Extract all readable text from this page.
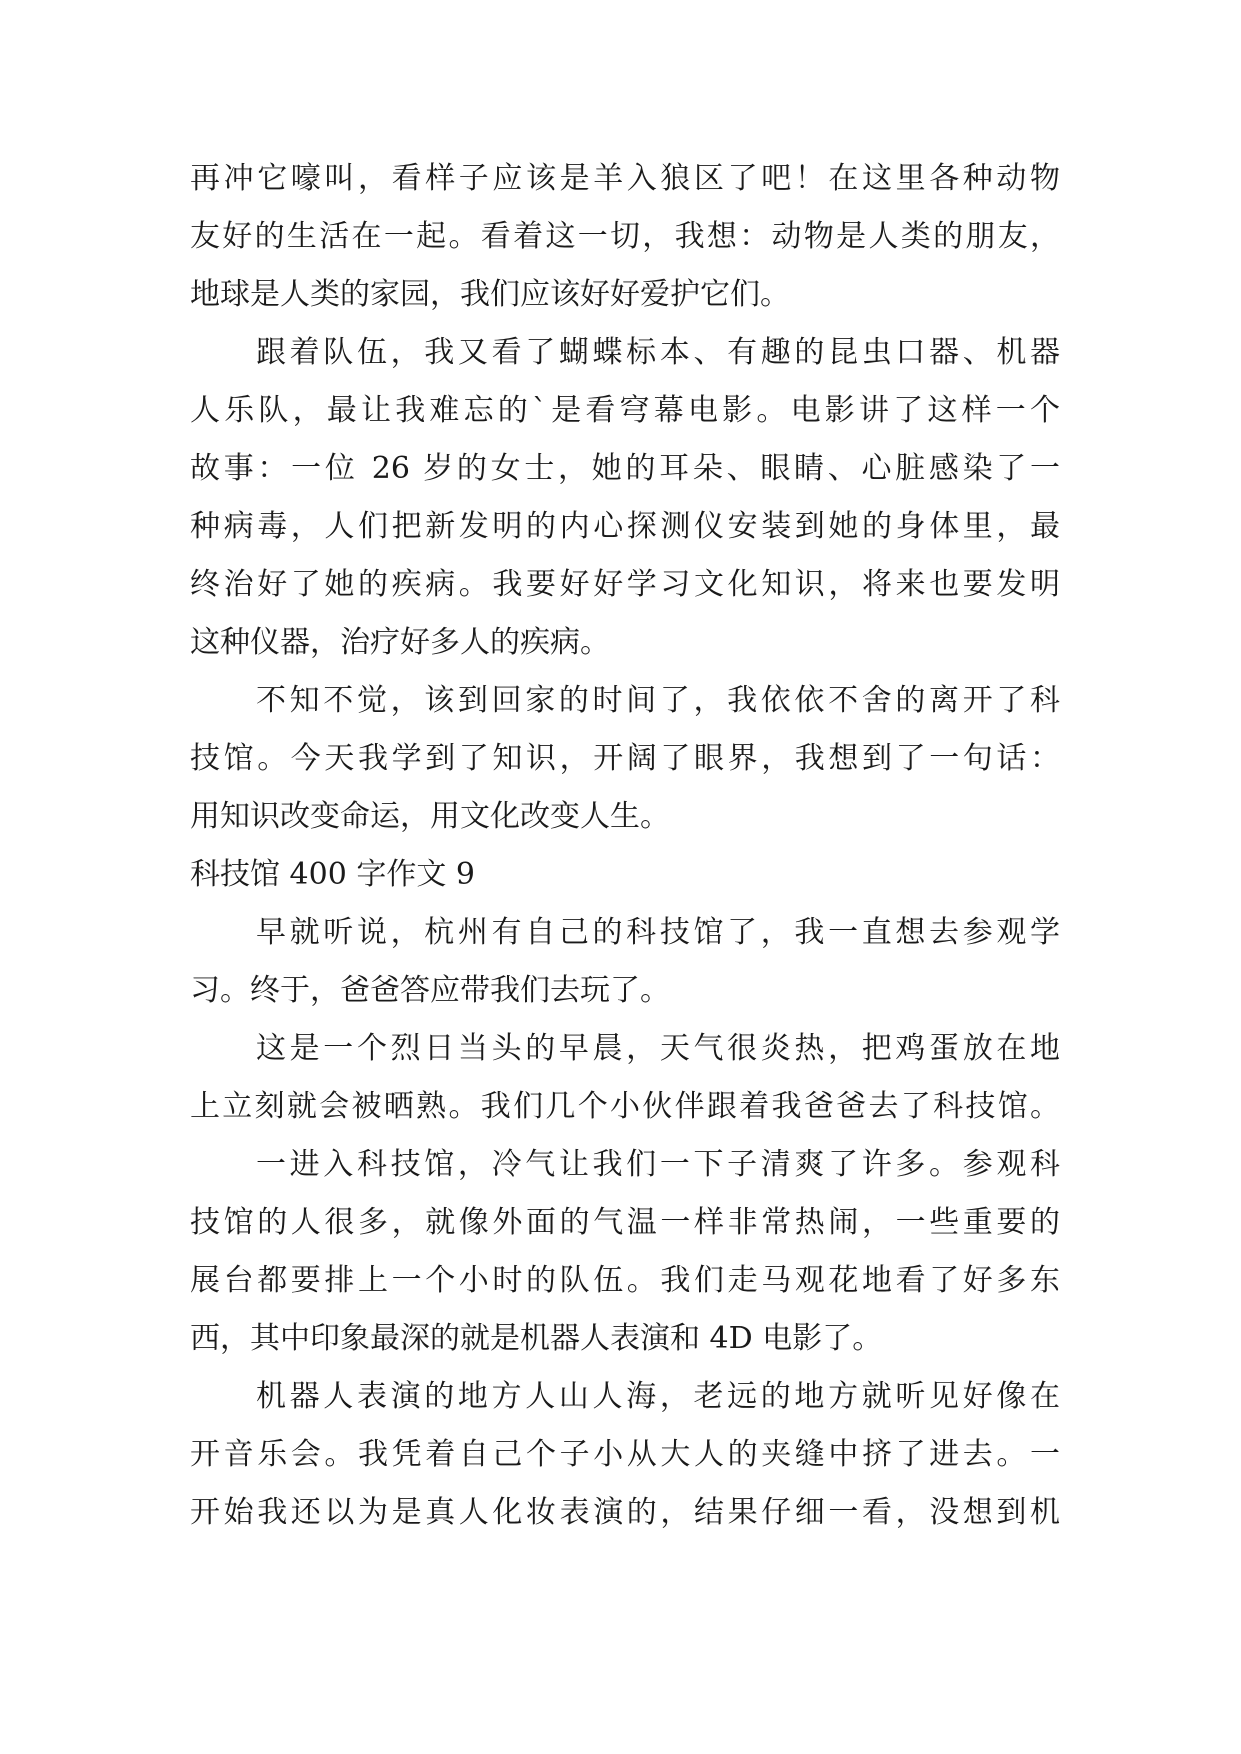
再冲它嚎叫，看样子应该是羊入狼区了吧！在这里各种动物
友好的生活在一起。看着这一切，我想：动物是人类的朋友，
地球是人类的家园，我们应该好好爱护它们。
跟着队伍，我又看了蝴蝶标本、有趣的昆虫口器、机器
人乐队，最让我难忘的`是看穹幕电影。电影讲了这样一个
故事：一位 26 岁的女士，她的耳朵、眼睛、心脏感染了一
种病毒，人们把新发明的内心探测仪安装到她的身体里，最
终治好了她的疾病。我要好好学习文化知识，将来也要发明
这种仪器，治疗好多人的疾病。
不知不觉，该到回家的时间了，我依依不舍的离开了科
技馆。今天我学到了知识，开阔了眼界，我想到了一句话：
用知识改变命运，用文化改变人生。
科技馆 400 字作文 9
早就听说，杭州有自己的科技馆了，我一直想去参观学
习。终于，爸爸答应带我们去玩了。
这是一个烈日当头的早晨，天气很炎热，把鸡蛋放在地
上立刻就会被晒熟。我们几个小伙伴跟着我爸爸去了科技馆。
一进入科技馆，冷气让我们一下子清爽了许多。参观科
技馆的人很多，就像外面的气温一样非常热闹，一些重要的
展台都要排上一个小时的队伍。我们走马观花地看了好多东
西，其中印象最深的就是机器人表演和 4D 电影了。
机器人表演的地方人山人海，老远的地方就听见好像在
开音乐会。我凭着自己个子小从大人的夹缝中挤了进去。一
开始我还以为是真人化妆表演的，结果仔细一看，没想到机
